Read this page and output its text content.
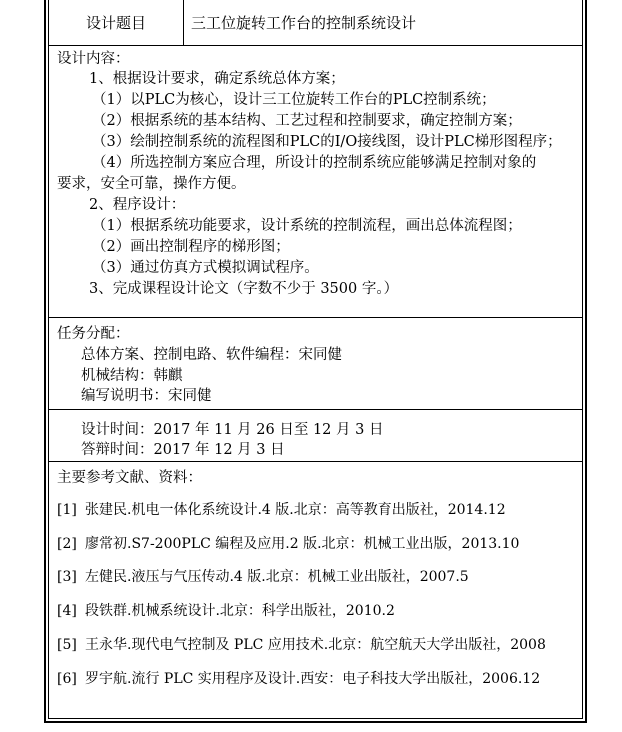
设计题目	三工位旋转工作台的控制系统设计
设计内容：
1、根据设计要求，确定系统总体方案；
（1）以PLC为核心，设计三工位旋转工作台的PLC控制系统；
（2）根据系统的基本结构、工艺过程和控制要求，确定控制方案；
（3）绘制控制系统的流程图和PLC的I/O接线图，设计PLC梯形图程序；
（4）所选控制方案应合理，所设计的控制系统应能够满足控制对象的
要求，安全可靠，操作方便。
2、程序设计：
（1）根据系统功能要求，设计系统的控制流程，画出总体流程图；
（2）画出控制程序的梯形图；
（3）通过仿真方式模拟调试程序。
3、完成课程设计论文（字数不少于 3500 字。）
任务分配：
总体方案、控制电路、软件编程：宋同健
机械结构：韩麒
编写说明书：宋同健
设计时间：2017 年 11 月 26 日至 12 月 3 日
答辩时间：2017 年 12 月 3 日
主要参考文献、资料：
[1] 张建民.机电一体化系统设计.4 版.北京：高等教育出版社，2014.12
[2] 廖常初.S7-200PLC 编程及应用.2 版.北京：机械工业出版，2013.10
[3] 左健民.液压与气压传动.4 版.北京：机械工业出版社，2007.5
[4] 段铁群.机械系统设计.北京：科学出版社，2010.2
[5] 王永华.现代电气控制及 PLC 应用技术.北京：航空航天大学出版社，2008
[6] 罗宇航.流行 PLC 实用程序及设计.西安：电子科技大学出版社，2006.12
